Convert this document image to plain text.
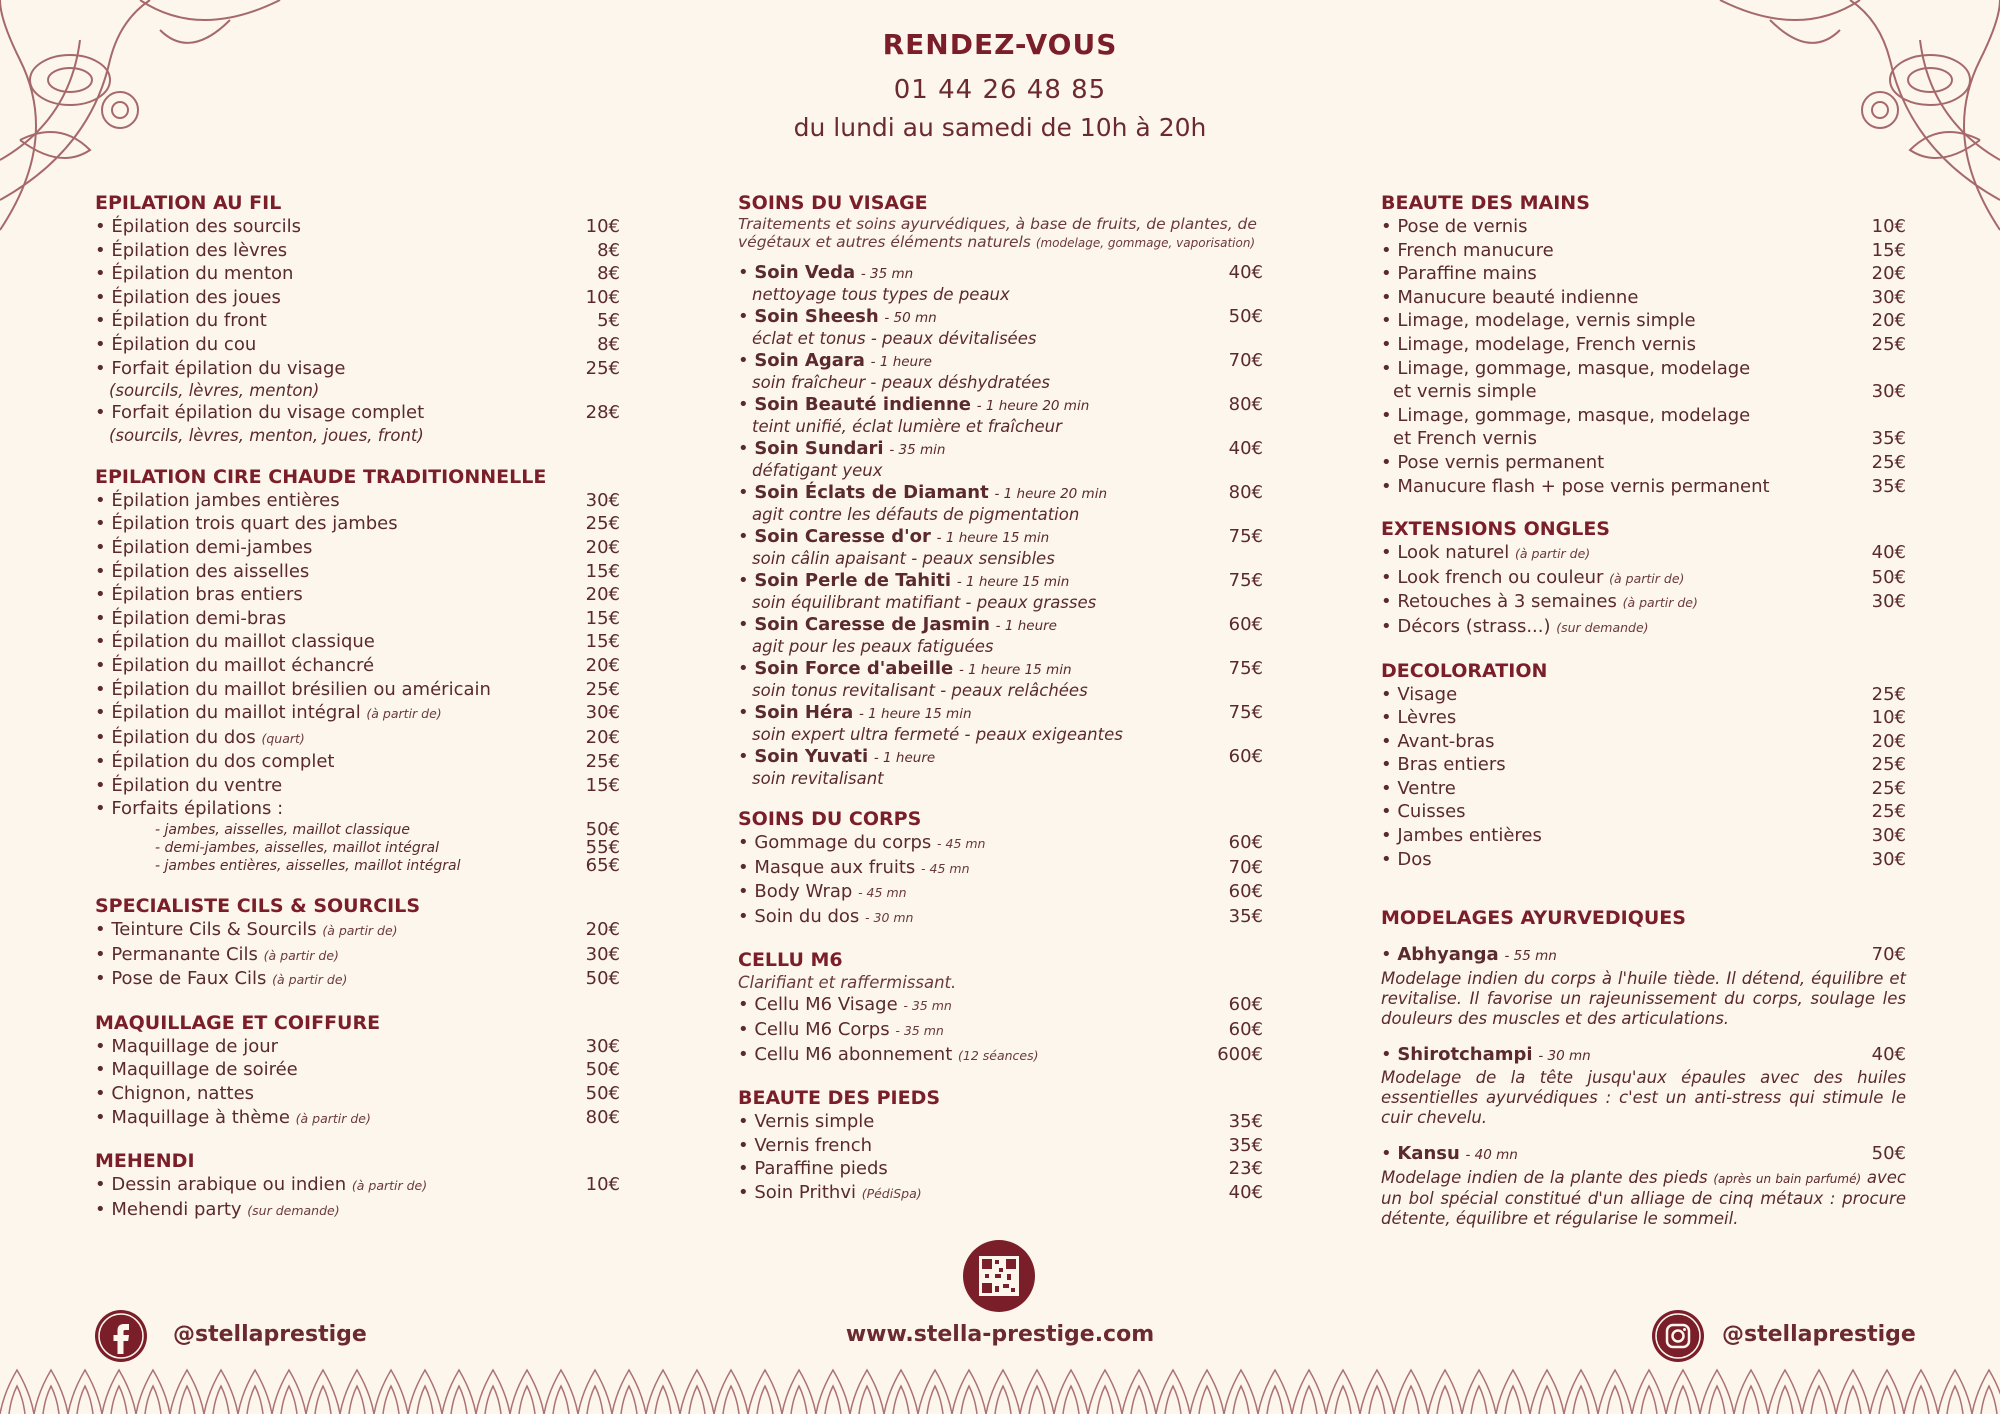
RENDEZ-VOUS
01 44 26 48 85
du lundi au samedi de 10h à 20h
EPILATION AU FIL
• Épilation des sourcils	10€
• Épilation des lèvres	8€
• Épilation du menton	8€
• Épilation des joues	10€
• Épilation du front	5€
• Épilation du cou	8€
• Forfait épilation du visage	25€
(sourcils, lèvres, menton)
• Forfait épilation du visage complet	28€
(sourcils, lèvres, menton, joues, front)
EPILATION CIRE CHAUDE TRADITIONNELLE
• Épilation jambes entières	30€
• Épilation trois quart des jambes	25€
• Épilation demi-jambes	20€
• Épilation des aisselles	15€
• Épilation bras entiers	20€
• Épilation demi-bras	15€
• Épilation du maillot classique	15€
• Épilation du maillot échancré	20€
• Épilation du maillot brésilien ou américain	25€
• Épilation du maillot intégral (à partir de)	30€
• Épilation du dos (quart)	20€
• Épilation du dos complet	25€
• Épilation du ventre	15€
• Forfaits épilations :
- jambes, aisselles, maillot classique	50€
- demi-jambes, aisselles, maillot intégral	55€
- jambes entières, aisselles, maillot intégral	65€
SPECIALISTE CILS & SOURCILS
• Teinture Cils & Sourcils (à partir de)	20€
• Permanante Cils (à partir de)	30€
• Pose de Faux Cils (à partir de)	50€
MAQUILLAGE ET COIFFURE
• Maquillage de jour	30€
• Maquillage de soirée	50€
• Chignon, nattes	50€
• Maquillage à thème (à partir de)	80€
MEHENDI
• Dessin arabique ou indien (à partir de)	10€
• Mehendi party (sur demande)
SOINS DU VISAGE
Traitements et soins ayurvédiques, à base de fruits, de plantes, de végétaux et autres éléments naturels (modelage, gommage, vaporisation)
• Soin Veda - 35 mn	40€
nettoyage tous types de peaux
• Soin Sheesh - 50 mn	50€
éclat et tonus - peaux dévitalisées
• Soin Agara - 1 heure	70€
soin fraîcheur - peaux déshydratées
• Soin Beauté indienne - 1 heure 20 min	80€
teint unifié, éclat lumière et fraîcheur
• Soin Sundari - 35 min	40€
défatigant yeux
• Soin Éclats de Diamant - 1 heure 20 min	80€
agit contre les défauts de pigmentation
• Soin Caresse d'or - 1 heure 15 min	75€
soin câlin apaisant - peaux sensibles
• Soin Perle de Tahiti - 1 heure 15 min	75€
soin équilibrant matifiant - peaux grasses
• Soin Caresse de Jasmin - 1 heure	60€
agit pour les peaux fatiguées
• Soin Force d'abeille - 1 heure 15 min	75€
soin tonus revitalisant - peaux relâchées
• Soin Héra - 1 heure 15 min	75€
soin expert ultra fermeté - peaux exigeantes
• Soin Yuvati - 1 heure	60€
soin revitalisant
SOINS DU CORPS
• Gommage du corps - 45 mn	60€
• Masque aux fruits - 45 mn	70€
• Body Wrap - 45 mn	60€
• Soin du dos - 30 mn	35€
CELLU M6
Clarifiant et raffermissant.
• Cellu M6 Visage - 35 mn	60€
• Cellu M6 Corps - 35 mn	60€
• Cellu M6 abonnement (12 séances)	600€
BEAUTE DES PIEDS
• Vernis simple	35€
• Vernis french	35€
• Paraffine pieds	23€
• Soin Prithvi (PédiSpa)	40€
BEAUTE DES MAINS
• Pose de vernis	10€
• French manucure	15€
• Paraffine mains	20€
• Manucure beauté indienne	30€
• Limage, modelage, vernis simple	20€
• Limage, modelage, French vernis	25€
• Limage, gommage, masque, modelage
et vernis simple	30€
• Limage, gommage, masque, modelage
et French vernis	35€
• Pose vernis permanent	25€
• Manucure flash + pose vernis permanent	35€
EXTENSIONS ONGLES
• Look naturel (à partir de)	40€
• Look french ou couleur (à partir de)	50€
• Retouches à 3 semaines (à partir de)	30€
• Décors (strass...) (sur demande)
DECOLORATION
• Visage	25€
• Lèvres	10€
• Avant-bras	20€
• Bras entiers	25€
• Ventre	25€
• Cuisses	25€
• Jambes entières	30€
• Dos	30€
MODELAGES AYURVEDIQUES
• Abhyanga - 55 mn	70€
Modelage indien du corps à l'huile tiède. Il détend, équilibre et revitalise. Il favorise un rajeunissement du corps, soulage les douleurs des muscles et des articulations.
• Shirotchampi - 30 mn	40€
Modelage de la tête jusqu'aux épaules avec des huiles essentielles ayurvédiques : c'est un anti-stress qui stimule le cuir chevelu.
• Kansu - 40 mn	50€
Modelage indien de la plante des pieds (après un bain parfumé) avec un bol spécial constitué d'un alliage de cinq métaux : procure détente, équilibre et régularise le sommeil.
@stellaprestige	www.stella-prestige.com	@stellaprestige
